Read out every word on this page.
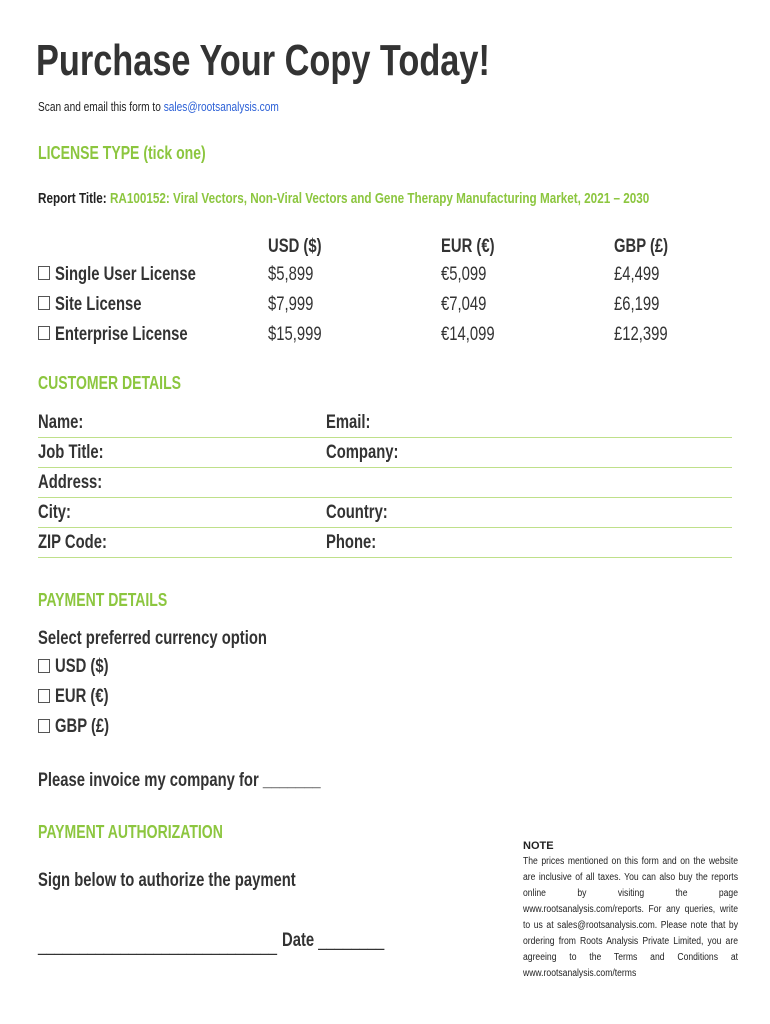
Purchase Your Copy Today!
Scan and email this form to sales@rootsanalysis.com
LICENSE TYPE (tick one)
Report Title: RA100152: Viral Vectors, Non-Viral Vectors and Gene Therapy Manufacturing Market, 2021 – 2030
USD ($)	EUR (€)	GBP (£)
Single User License	$5,899	€5,099	£4,499
Site License	$7,999	€7,049	£6,199
Enterprise License	$15,999	€14,099	£12,399
CUSTOMER DETAILS
Name:	Email:
Job Title:	Company:
Address:
City:	Country:
ZIP Code:	Phone:
PAYMENT DETAILS
Select preferred currency option
USD ($)
EUR (€)
GBP (£)
Please invoice my company for _______
PAYMENT AUTHORIZATION
Sign below to authorize the payment
_____________________________ Date ________
NOTE

The prices mentioned on this form and on the website are inclusive of all taxes. You can also buy the reports online by visiting the page www.rootsanalysis.com/reports. For any queries, write to us at sales@rootsanalysis.com. Please note that by ordering from Roots Analysis Private Limited, you are agreeing to the Terms and Conditions at www.rootsanalysis.com/terms
